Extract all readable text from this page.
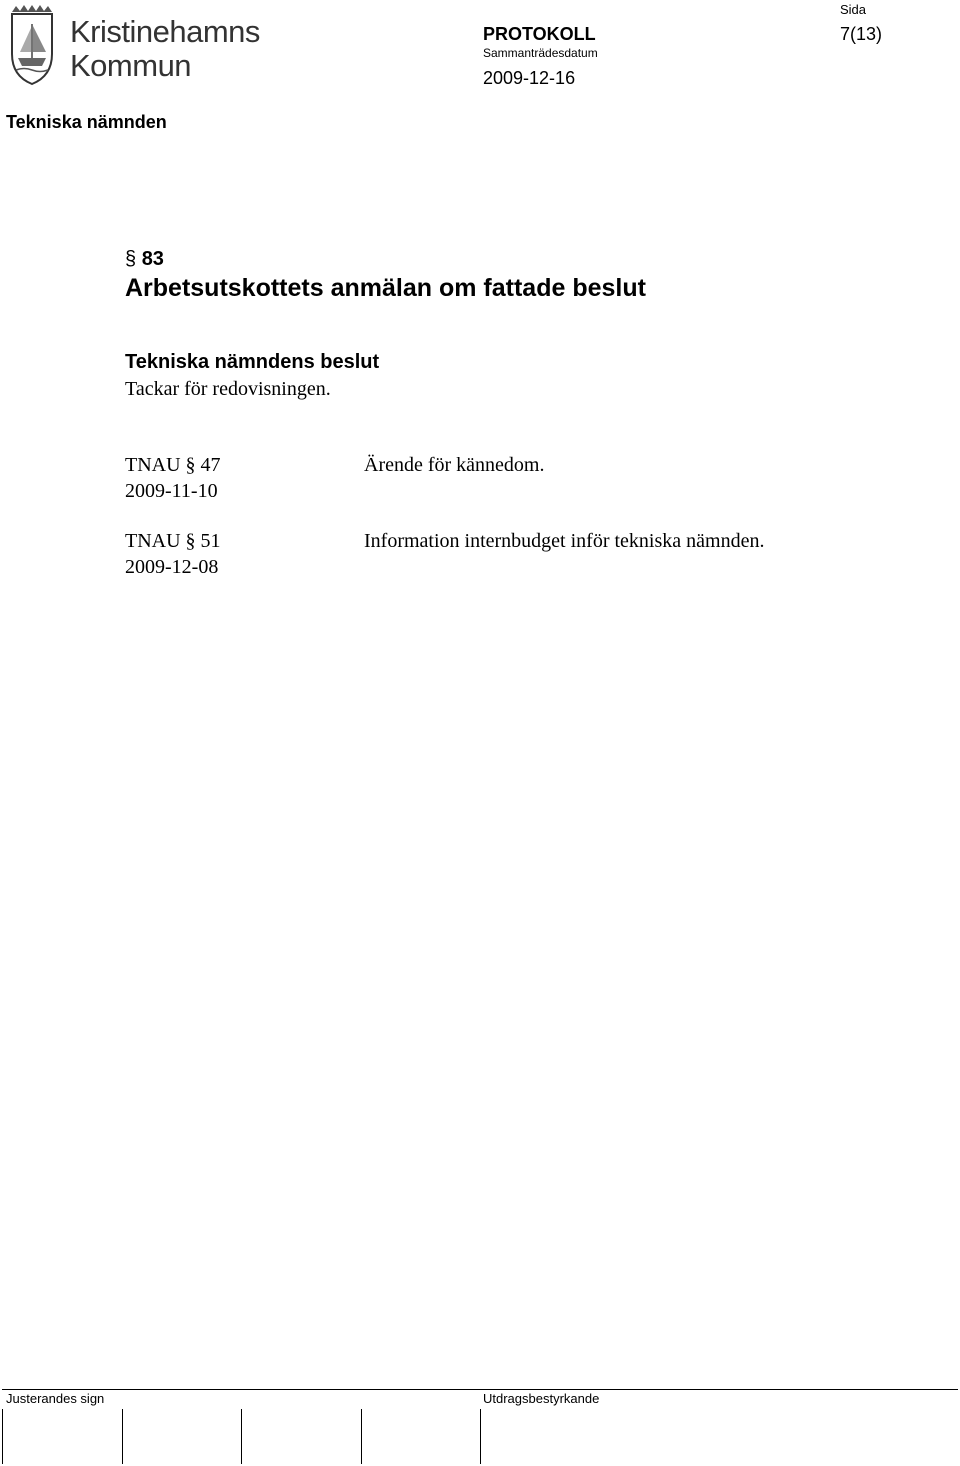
Kristinehamns
Kommun
Tekniska nämnden
PROTOKOLL
Sammanträdesdatum
2009-12-16
Sida
7(13)
§ 83
Arbetsutskottets anmälan om fattade beslut
Tekniska nämndens beslut
Tackar för redovisningen.
TNAU § 47
2009-11-10
Ärende för kännedom.
TNAU § 51
2009-12-08
Information internbudget inför tekniska nämnden.
Justerandes sign	Utdragsbestyrkande
